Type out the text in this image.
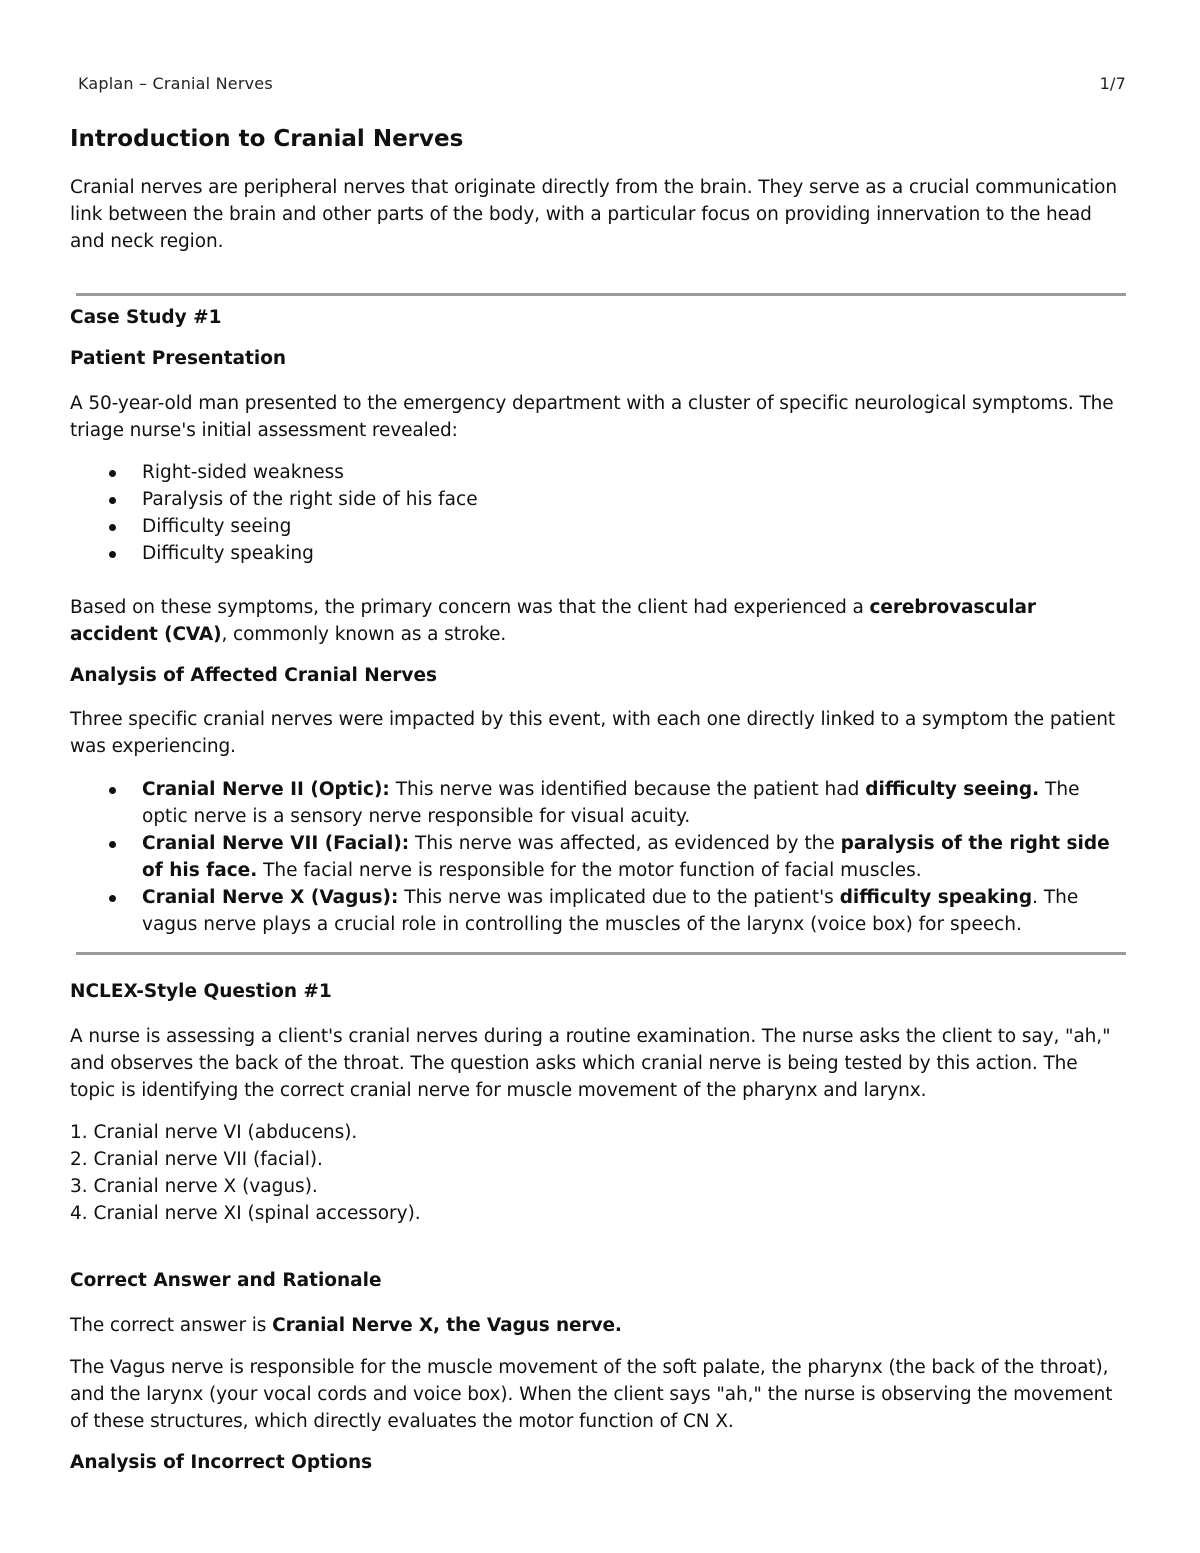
Kaplan – Cranial Nerves	1/7
Introduction to Cranial Nerves

Cranial nerves are peripheral nerves that originate directly from the brain. They serve as a crucial communication link between the brain and other parts of the body, with a particular focus on providing innervation to the head and neck region.

Case Study #1

Patient Presentation

A 50-year-old man presented to the emergency department with a cluster of specific neurological symptoms. The triage nurse's initial assessment revealed:

Right-sided weakness
Paralysis of the right side of his face
Difficulty seeing
Difficulty speaking

Based on these symptoms, the primary concern was that the client had experienced a cerebrovascular accident (CVA), commonly known as a stroke.

Analysis of Affected Cranial Nerves

Three specific cranial nerves were impacted by this event, with each one directly linked to a symptom the patient was experiencing.

Cranial Nerve II (Optic): This nerve was identified because the patient had difficulty seeing. The optic nerve is a sensory nerve responsible for visual acuity.
Cranial Nerve VII (Facial): This nerve was affected, as evidenced by the paralysis of the right side of his face. The facial nerve is responsible for the motor function of facial muscles.
Cranial Nerve X (Vagus): This nerve was implicated due to the patient's difficulty speaking. The vagus nerve plays a crucial role in controlling the muscles of the larynx (voice box) for speech.

NCLEX-Style Question #1

A nurse is assessing a client's cranial nerves during a routine examination. The nurse asks the client to say, "ah," and observes the back of the throat. The question asks which cranial nerve is being tested by this action. The topic is identifying the correct cranial nerve for muscle movement of the pharynx and larynx.

1. Cranial nerve VI (abducens).
2. Cranial nerve VII (facial).
3. Cranial nerve X (vagus).
4. Cranial nerve XI (spinal accessory).

Correct Answer and Rationale

The correct answer is Cranial Nerve X, the Vagus nerve.

The Vagus nerve is responsible for the muscle movement of the soft palate, the pharynx (the back of the throat), and the larynx (your vocal cords and voice box). When the client says "ah," the nurse is observing the movement of these structures, which directly evaluates the motor function of CN X.

Analysis of Incorrect Options
